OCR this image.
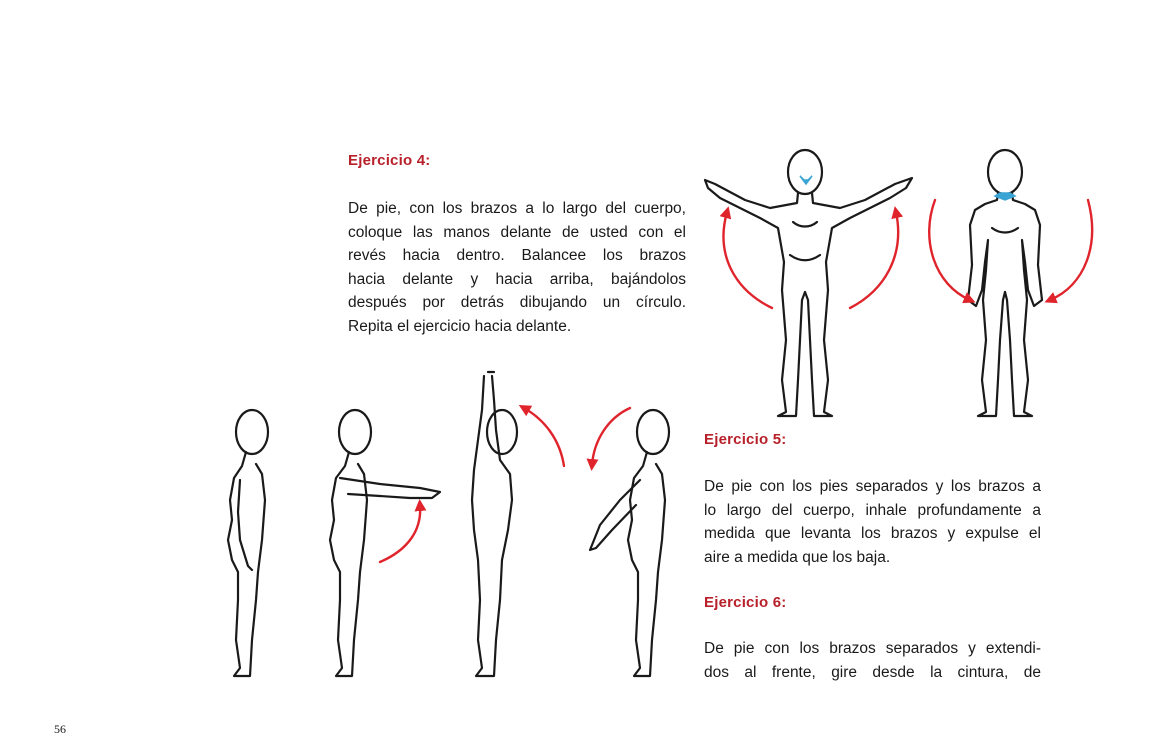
Ejercicio 4:
De pie, con los brazos a lo largo del cuerpo,
coloque las manos delante de usted con el
revés hacia dentro. Balancee los brazos
hacia delante y hacia arriba, bajándolos
después por detrás dibujando un círculo.
Repita el ejercicio hacia delante.
Ejercicio 5:
De pie con los pies separados y los brazos a
lo largo del cuerpo, inhale profundamente a
medida que levanta los brazos y expulse el
aire a medida que los baja.
Ejercicio 6:
De pie con los brazos separados y extendi-
dos al frente, gire desde la cintura, de
56
